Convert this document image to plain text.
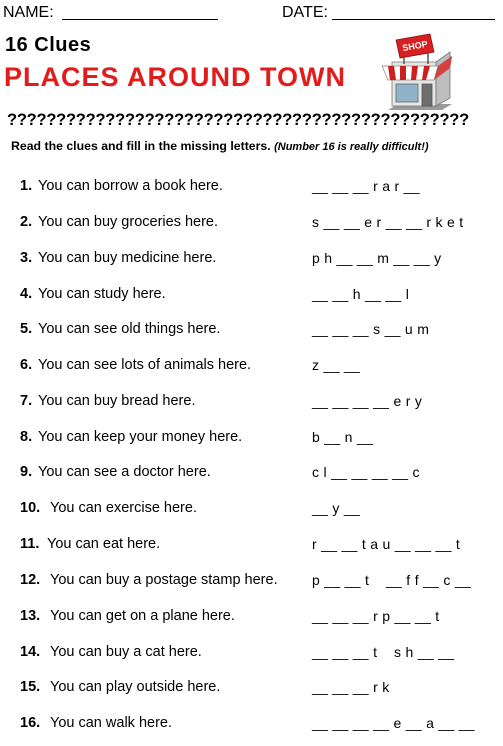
NAME:	DATE:
16 Clues
PLACES AROUND TOWN
SHOP
???????????????????????????????????????????????
Read the clues and fill in the missing letters. (Number 16 is really difficult!)
1. You can borrow a book here.	__ __ __ r a r __
2. You can buy groceries here.	s __ __ e r __ __ r k e t
3. You can buy medicine here.	p h __ __ m __ __ y
4. You can study here.	__ __ h __ __ l
5. You can see old things here.	__ __ __ s __ u m
6. You can see lots of animals here.	z __ __
7. You can buy bread here.	__ __ __ __ e r y
8. You can keep your money here.	b __ n __
9. You can see a doctor here.	c l __ __ __ __ c
10. You can exercise here.	__ y __
11. You can eat here.	r __ __ t a u __ __ __ t
12. You can buy a postage stamp here. p __ __ t    __ f f __ c __
13. You can get on a plane here.	__ __ __ r p __ __ t
14. You can buy a cat here.	__ __ __ t    s h __ __
15. You can play outside here.	__ __ __ r k
16. You can walk here.	__ __ __ __ e __ a __ __
